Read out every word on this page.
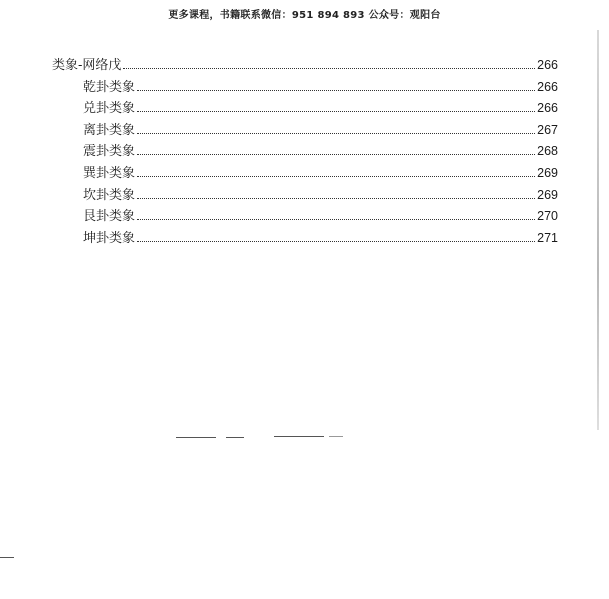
更多课程，书籍联系微信：951 894 893 公众号：观阳台
类象-网络戊	266
乾卦类象	266
兑卦类象	266
离卦类象	267
震卦类象	268
巽卦类象	269
坎卦类象	269
艮卦类象	270
坤卦类象	271
